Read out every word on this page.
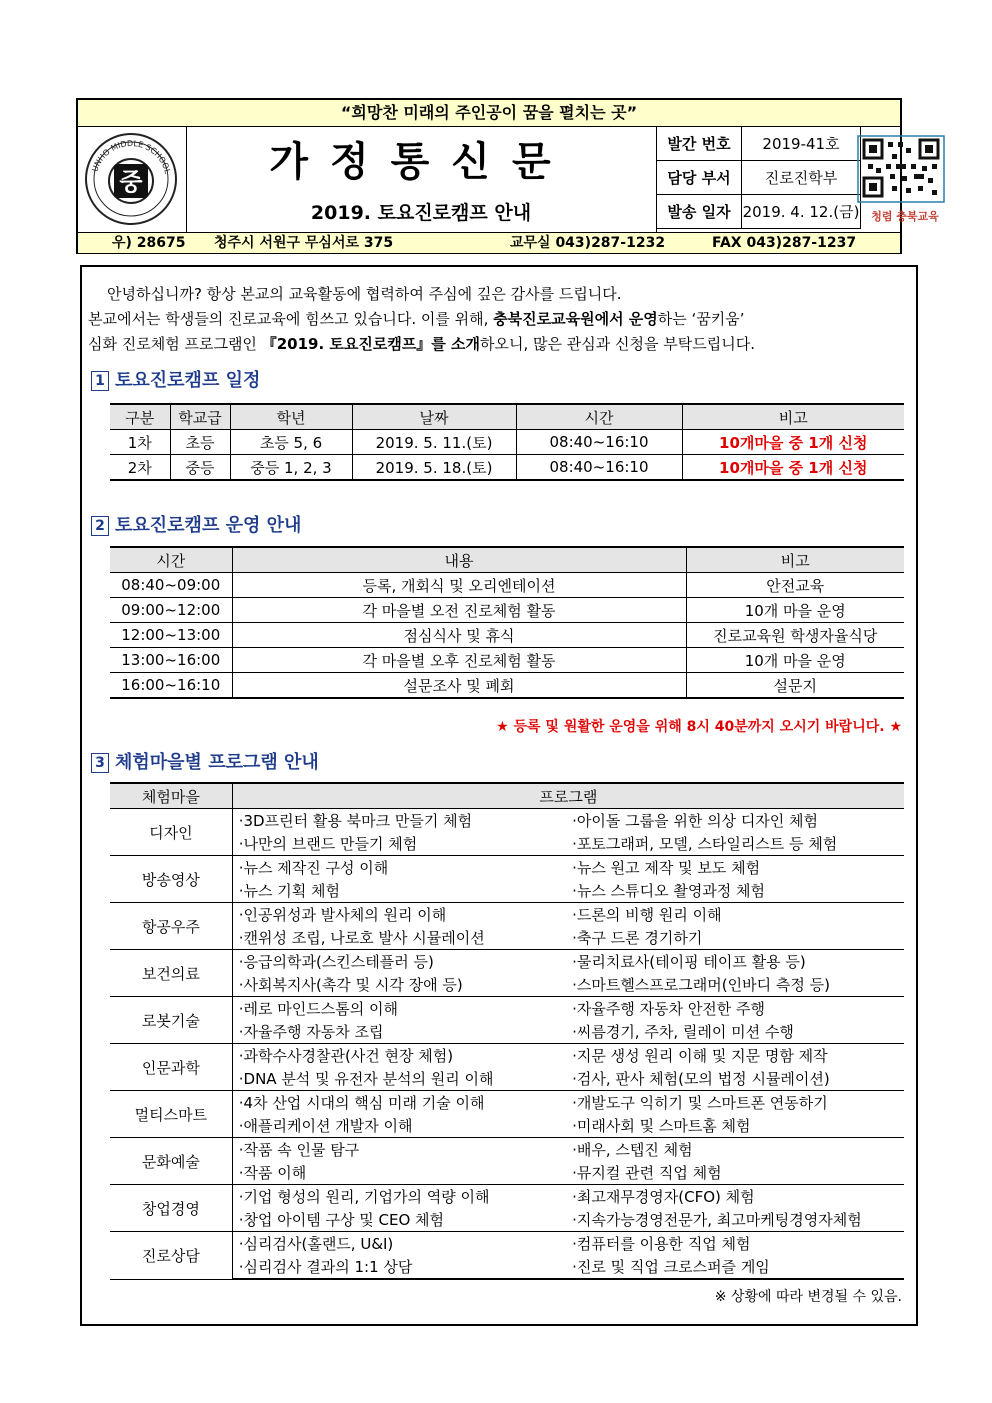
“희망찬 미래의 주인공이 꿈을 펼치는 곳”
중
UNHO MIDDLE SCHOOL	가정통신문
2019. 토요진로캠프 안내
발간 번호	2019-41호
담당 부서	진로진학부
발송 일자	2019. 4. 12.(금)	청렴 충북교육
우) 28675 청주시 서원구 무심서로 375	교무실 043)287-1232	FAX 043)287-1237
안녕하십니까? 항상 본교의 교육활동에 협력하여 주심에 깊은 감사를 드립니다.
본교에서는 학생들의 진로교육에 힘쓰고 있습니다. 이를 위해, 충북진로교육원에서 운영하는 ‘꿈키움’
심화 진로체험 프로그램인 『2019. 토요진로캠프』를 소개하오니, 많은 관심과 신청을 부탁드립니다.
1 토요진로캠프 일정
구분	학교급	학년	날짜	시간	비고
1차	초등	초등 5, 6	2019. 5. 11.(토)	08:40~16:10	10개마을 중 1개 신청
2차	중등	중등 1, 2, 3	2019. 5. 18.(토)	08:40~16:10	10개마을 중 1개 신청
2 토요진로캠프 운영 안내
시간	내용	비고
08:40~09:00	등록, 개회식 및 오리엔테이션	안전교육
09:00~12:00	각 마을별 오전 진로체험 활동	10개 마을 운영
12:00~13:00	점심식사 및 휴식	진로교육원 학생자율식당
13:00~16:00	각 마을별 오후 진로체험 활동	10개 마을 운영
16:00~16:10	설문조사 및 폐회	설문지
★ 등록 및 원활한 운영을 위해 8시 40분까지 오시기 바랍니다. ★
3 체험마을별 프로그램 안내
체험마을	프로그램	
디자인	·3D프린터 활용 북마크 만들기 체험	·아이돌 그룹을 위한 의상 디자인 체험
	·나만의 브랜드 만들기 체험	·포토그래퍼, 모델, 스타일리스트 등 체험
방송영상	·뉴스 제작진 구성 이해	·뉴스 원고 제작 및 보도 체험
	·뉴스 기획 체험	·뉴스 스튜디오 촬영과정 체험
항공우주	·인공위성과 발사체의 원리 이해	·드론의 비행 원리 이해
	·캔위성 조립, 나로호 발사 시뮬레이션	·축구 드론 경기하기
보건의료	·응급의학과(스킨스테플러 등)	·물리치료사(테이핑 테이프 활용 등)
	·사회복지사(촉각 및 시각 장애 등)	·스마트헬스프로그래머(인바디 측정 등)
로봇기술	·레로 마인드스톰의 이해	·자율주행 자동차 안전한 주행
	·자율주행 자동차 조립	·씨름경기, 주차, 릴레이 미션 수행
인문과학	·과학수사경찰관(사건 현장 체험)	·지문 생성 원리 이해 및 지문 명함 제작
	·DNA 분석 및 유전자 분석의 원리 이해	·검사, 판사 체험(모의 법정 시뮬레이션)
멀티스마트	·4차 산업 시대의 핵심 미래 기술 이해	·개발도구 익히기 및 스마트폰 연동하기
	·애플리케이션 개발자 이해	·미래사회 및 스마트홈 체험
문화예술	·작품 속 인물 탐구	·배우, 스텝진 체험
	·작품 이해	·뮤지컬 관련 직업 체험
창업경영	·기업 형성의 원리, 기업가의 역량 이해	·최고재무경영자(CFO) 체험
	·창업 아이템 구상 및 CEO 체험	·지속가능경영전문가, 최고마케팅경영자체험
진로상담	·심리검사(홀랜드, U&I)	·컴퓨터를 이용한 직업 체험
	·심리검사 결과의 1:1 상담	·진로 및 직업 크로스퍼즐 게임
※ 상황에 따라 변경될 수 있음.
